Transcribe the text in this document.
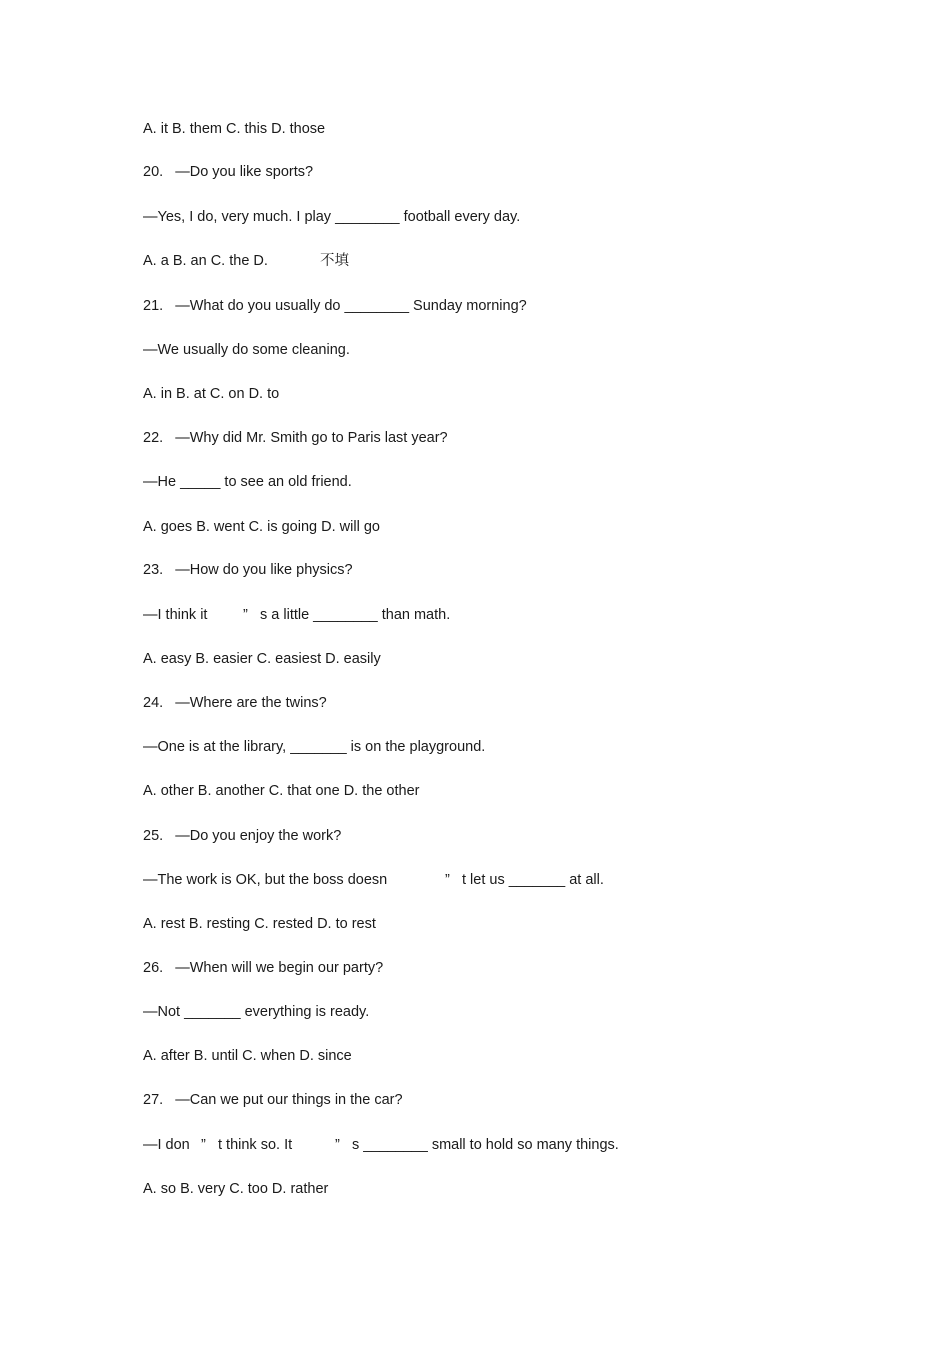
A. it B. them C. this D. those
20.   —Do you like sports?
—Yes, I do, very much. I play ________ football every day.

A. a B. an C. the D.

	不填

21.   —What do you usually do ________ Sunday morning?
—We usually do some cleaning.
A. in B. at C. on D. to
22.   —Why did Mr. Smith go to Paris last year?
—He _____ to see an old friend.
A. goes B. went C. is going D. will go
23.   —How do you like physics?

—I think it

”

s a little ________ than math.

A. easy B. easier C. easiest D. easily
24.   —Where are the twins?
—One is at the library, _______ is on the playground.
A. other B. another C. that one D. the other
25.   —Do you enjoy the work?

—The work is OK, but the boss doesn

	”

t let us _______ at all.

A. rest B. resting C. rested D. to rest
26.   —When will we begin our party?
—Not _______ everything is ready.
A. after B. until C. when D. since
27.   —Can we put our things in the car?

—I don

”

t think so. It

	”

s ________ small to hold so many things.

A. so B. very C. too D. rather
